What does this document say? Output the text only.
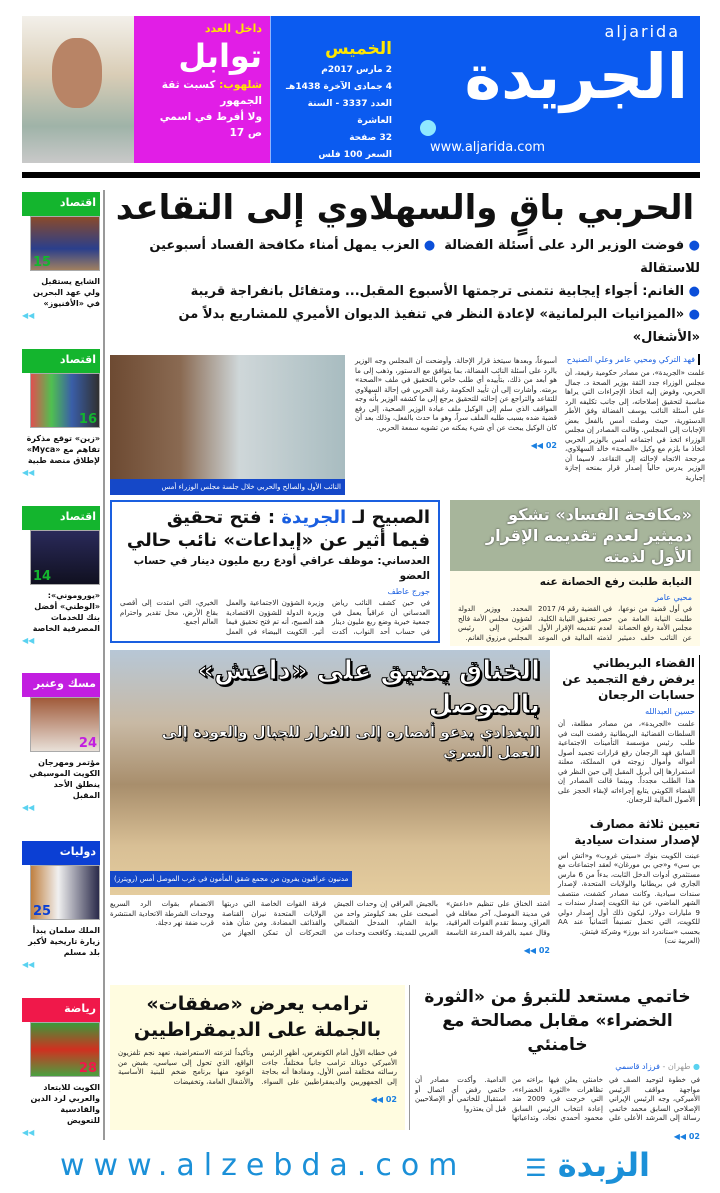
aljarida
الجريدة
www.aljarida.com
الخميس
2 مارس 2017م
4 جمادى الآخرة 1438هـ
العدد 3337 - السنة العاشرة
32 صفحة
السعر 100 فلس
داخل العدد
توابل
شلهوب: كسبت ثقة الجمهور
ولا أفرط في اسمي   ص 17
اقتصاد
15
الشايع يستقبل ولي عهد البحرين في «الأفنيوز»
◀◀
اقتصاد
16
«زين» توقع مذكرة تفاهم مع «Myca» لإطلاق منصة طبية
◀◀
اقتصاد
14
«يوروموني»: «الوطني» أفضل بنك للخدمات المصرفية الخاصة
◀◀
مسك وعنبر
24
مؤتمر ومهرجان الكويت الموسيقي ينطلق الأحد المقبل
◀◀
دوليات
25
الملك سلمان يبدأ زيارة تاريخية لأكبر بلد مسلم
◀◀
رياضة
28
الكويت للابتعاد والعربي لرد الدين والقادسية للتعويض
◀◀
الحربي باقٍ والسهلاوي إلى التقاعد
● فوضت الوزير الرد على أسئلة الفضالة  ● العزب يمهل أمناء مكافحة الفساد أسبوعين للاستقالة
● الغانم: أجواء إيجابية نتمنى ترجمتها الأسبوع المقبل... ومتفائل بانفراجة قريبة
● «الميزانيات البرلمانية» لإعادة النظر في تنفيذ الديوان الأميري للمشاريع بدلاً من «الأشغال»
فهد التركي ومحيي عامر وعلي الصنيدح
علمت «الجريدة»، من مصادر حكومية رفيعة، أن مجلس الوزراء جدد الثقة بوزير الصحة د. جمال الحربي، وفوض إليه اتخاذ الإجراءات التي يراها مناسبة لتحقيق إصلاحاته، إلى جانب تكليفه الرد على أسئلة النائب يوسف الفضالة وفق الأطر الدستورية، حيث وصلت أمس بالفعل بعض الإجابات إلى المجلس. وقالت المصادر إن مجلس الوزراء اتخذ في اجتماعه أمس بالوزير الحربي اتخاذ ما يلزم مع وكيل «الصحة» خالد السهلاوي، مرجحة الاتجاه لإحالته إلى التقاعد، لاسيما أن الوزير يدرس حالياً إصدار قرار بمنحه إجازة إجبارية
أسبوعاً، وبعدها سيتخذ قرار الإحالة. وأوضحت أن المجلس وجه الوزير بالرد على أسئلة النائب الفضالة، بما يتوافق مع الدستور، وذهب إلى ما هو أبعد من ذلك، بتأييده أي طلب خاص بالتحقيق في ملف «الصحة» برمته. وأشارت إلى أن تأييد الحكومة رغبة الحربي في إحالة السهلاوي للتقاعد والتراجع عن إحالته للتحقيق يرجع إلى ما كشفه الوزير بأنه وجه المواقف الذي سلم إلى الوكيل ملف عيادة الوزير الصحية، إلى رفع قضية ضده بسبب طلبه الملف سراً، وهو ما حدث بالفعل، وذلك بعد أن كان الوكيل يبحث عن أي شيء يمكنه من تشويه سمعة الحربي.
◀◀ 02
النائب الأول والصالح والحربي خلال جلسة مجلس الوزراء أمس
الصبيح لـ الجريدة : فتح تحقيق
فيما أثير عن «إيداعات» نائب حالي
العدساني: موظف عراقي أودع ربع مليون دينار في حساب العضو
جورج عاطف
في حين كشف النائب رياض العدساني أن عراقياً يعمل في جمعية خيرية وضع ربع مليون دينار في حساب أحد النواب، أكدت وزيرة الشؤون الاجتماعية والعمل وزيرة الدولة للشؤون الاقتصادية هند الصبيح، أنه تم فتح تحقيق فيما أثير. الكويت البيضاء في العمل الخيري، التي امتدت إلى أقصى بقاع الأرض، محل تقدير واحترام العالم أجمع.
«مكافحة الفساد» تشكو دميثير لعدم تقديمه الإقرار الأول لذمته
النيابة طلبت رفع الحصانة عنه
محيي عامر
في أول قضية من نوعها، طلبت النيابة العامة من مجلس الأمة رفع الحصانة عن النائب خلف دميثير في القضية رقم 4/ 2017 حصر تحقيق النيابة الكلية، لعدم تقديمه الإقرار الأول لذمته المالية في الموعد المحدد. ووزير الدولة لشؤون مجلس الأمة فالح العزب إلى رئيس المجلس مرزوق الغانم.
الخناق يضيق على «داعش» بالموصل
البغدادي يدعو أنصاره إلى الفرار للجبال والعودة إلى العمل السري
مدنيون عراقيون يفرون من مجمع شقق المأمون في غرب الموصل أمس (رويترز)
اشتد الخناق على تنظيم «داعش» في مدينة الموصل، آخر معاقله في العراق، وسط تقدم القوات العراقية، وقال عميد بالفرقة المدرعة التاسعة بالجيش العراقي إن وحدات الجيش أصبحت على بعد كيلومتر واحد من بوابة الشام، المدخل الشمالي الغربي للمدينة. وكافحت وحدات من فرقة القوات الخاصة التي دربتها الولايات المتحدة نيران القناصة والقذائف المضادة. ومن شأن هذه التحركات أن تمكن الجهاز من الانضمام بقوات الرد السريع ووحدات الشرطة الاتحادية المنتشرة قرب ضفة نهر دجلة.
◀◀ 02
القضاء البريطاني يرفض رفع التجميد عن حسابات الرجعان
حسين العبدالله
علمت «الجريدة»، من مصادر مطلعة، أن السلطات القضائية البريطانية رفضت البت في طلب رئيس مؤسسة التأمينات الاجتماعية السابق فهد الرجعان رفع قرارات تجميد أصول أمواله وأموال زوجته في المملكة، معلنة استمرارها إلى أبريل المقبل إلى حين النظر في هذا الطلب مجدداً. وبينما قالت المصادر إن القضاء الكويتي يتابع إجراءاته لإبقاء الحجز على الأصول المالية للرجعان.
تعيين ثلاثة مصارف لإصدار سندات سيادية
عينت الكويت بنوك «سيتي غروب» و«اتش اس بي سي» و«جي بي مورغان» لعقد اجتماعات مع مستثمري أدوات الدخل الثابت، بدءاً من 6 مارس الجاري في بريطانيا والولايات المتحدة، لإصدار سندات سيادية. وكانت مصادر كشفت، منتصف الشهر الماضي، عن نية الكويت إصدار سندات بـ 9 مليارات دولار، ليكون ذلك أول إصدار دولي للكويت، التي تحمل تصنيفاً ائتمانياً عند AA بحسب «ستاندرد اند بورز» وشركة فيتش.
(العربية نت)
ترامب يعرض «صفقات» بالجملة على الديمقراطيين
في خطابه الأول أمام الكونغرس، أظهر الرئيس الأميركي دونالد ترامب جانباً مختلفاً، جاءت رسالته مختلفة أمس الأول، ومفادها أنه بحاجة إلى الجمهوريين والديمقراطيين على السواء. وتأكيداً لنزعته الاستعراضية، تعهد نجم تلفزيون الواقع، الذي تحول إلى سياسي، بقبض من الوعود منها برنامج ضخم للبنية الأساسية والأشغال العامة، وتخفيضات
◀◀ 02
خاتمي مستعد للتبرؤ من «الثورة الخضراء» مقابل مصالحة مع خامنئي
● طهران - فرزاد قاسمي
في خطوة لتوحيد الصف في مواجهة مواقف الرئيس الأميركي، وجه الرئيس الإيراني الإصلاحي السابق محمد خاتمي رسالة إلى المرشد الأعلى علي خامنئي يعلن فيها براءته من تظاهرات «الثورة الخضراء»، التي خرجت في 2009 ضد إعادة انتخاب الرئيس السابق محمود أحمدي نجاد، وتداعياتها الدامية. وأكدت مصادر أن خاتمي رفض أي اتصال أو استقبال للخاتمي أو الإصلاحيين قبل أن يعتذروا
◀◀ 02
www.alzebda.com	الزبدة ☰
